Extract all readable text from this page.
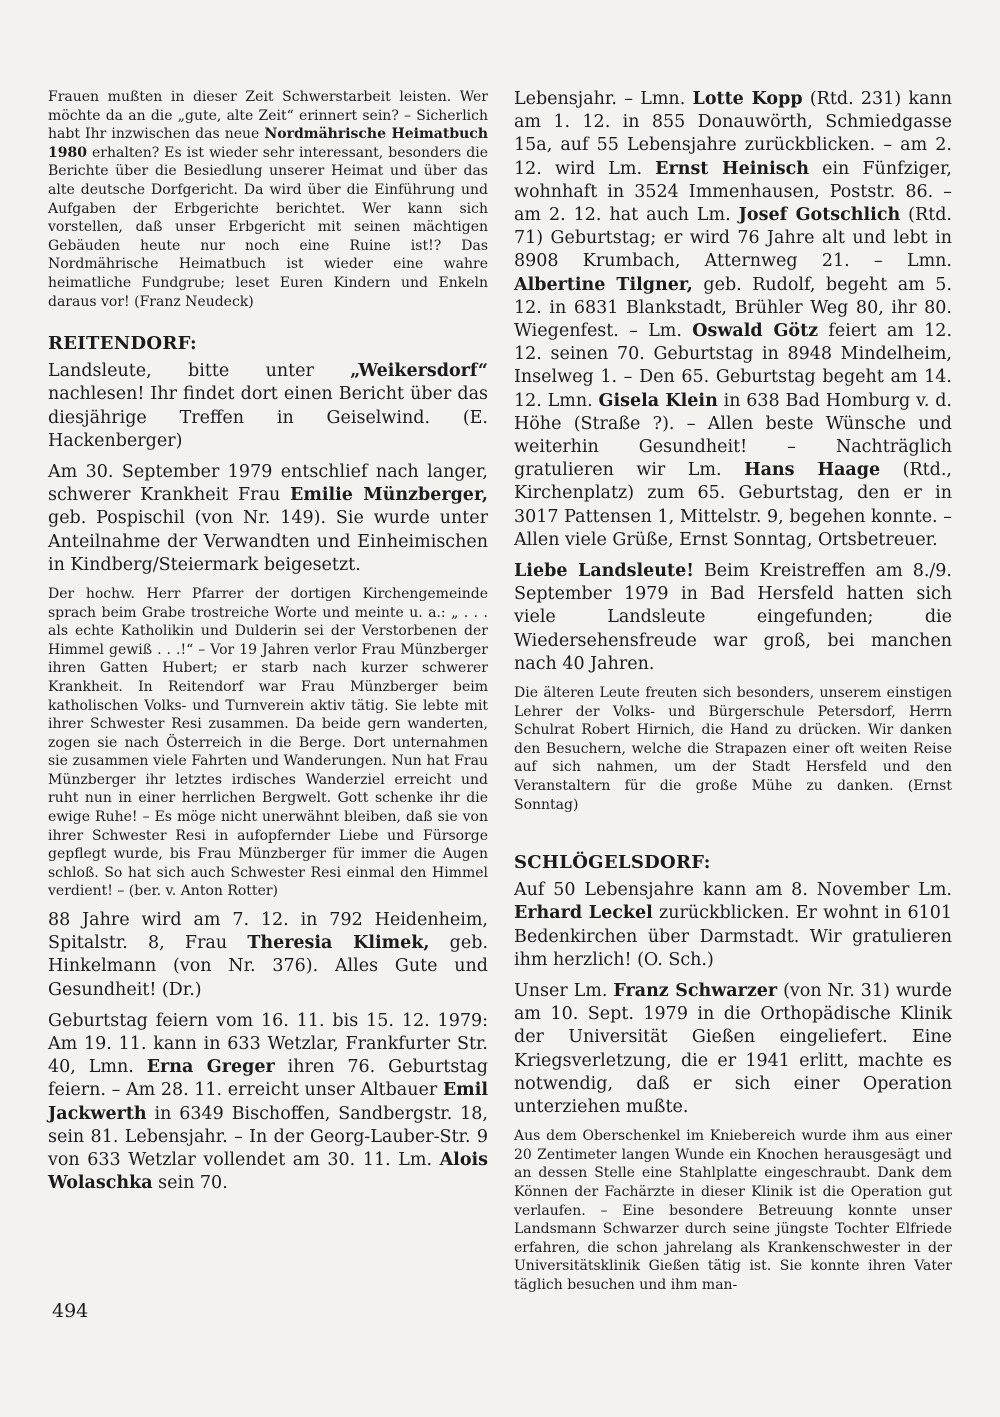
Frauen mußten in dieser Zeit Schwerstarbeit leisten. Wer möchte da an die „gute, alte Zeit“ erinnert sein? – Sicherlich habt Ihr inzwischen das neue Nordmährische Heimatbuch 1980 erhalten? Es ist wieder sehr interessant, besonders die Berichte über die Besiedlung unserer Heimat und über das alte deutsche Dorfgericht. Da wird über die Einführung und Aufgaben der Erbgerichte berichtet. Wer kann sich vorstellen, daß unser Erbgericht mit seinen mächtigen Gebäuden heute nur noch eine Ruine ist!? Das Nordmährische Heimatbuch ist wieder eine wahre heimatliche Fundgrube; leset Euren Kindern und Enkeln daraus vor! (Franz Neudeck)

REITENDORF:

Landsleute, bitte unter „Weikersdorf“ nachlesen! Ihr findet dort einen Bericht über das diesjährige Treffen in Geiselwind. (E. Hackenberger)

Am 30. September 1979 entschlief nach langer, schwerer Krankheit Frau Emilie Münzberger, geb. Pospischil (von Nr. 149). Sie wurde unter Anteilnahme der Verwandten und Einheimischen in Kindberg/Steiermark beigesetzt.

Der hochw. Herr Pfarrer der dortigen Kirchengemeinde sprach beim Grabe trostreiche Worte und meinte u. a.: „ . . . als echte Katholikin und Dulderin sei der Verstorbenen der Himmel gewiß . . .!“ – Vor 19 Jahren verlor Frau Münzberger ihren Gatten Hubert; er starb nach kurzer schwerer Krankheit. In Reitendorf war Frau Münzberger beim katholischen Volks- und Turnverein aktiv tätig. Sie lebte mit ihrer Schwester Resi zusammen. Da beide gern wanderten, zogen sie nach Österreich in die Berge. Dort unternahmen sie zusammen viele Fahrten und Wanderungen. Nun hat Frau Münzberger ihr letztes irdisches Wanderziel erreicht und ruht nun in einer herrlichen Bergwelt. Gott schenke ihr die ewige Ruhe! – Es möge nicht unerwähnt bleiben, daß sie von ihrer Schwester Resi in aufopfernder Liebe und Fürsorge gepflegt wurde, bis Frau Münzberger für immer die Augen schloß. So hat sich auch Schwester Resi einmal den Himmel verdient! – (ber. v. Anton Rotter)

88 Jahre wird am 7. 12. in 792 Heidenheim, Spitalstr. 8, Frau Theresia Klimek, geb. Hinkelmann (von Nr. 376). Alles Gute und Gesundheit! (Dr.)

Geburtstag feiern vom 16. 11. bis 15. 12. 1979: Am 19. 11. kann in 633 Wetzlar, Frankfurter Str. 40, Lmn. Erna Greger ihren 76. Geburtstag feiern. – Am 28. 11. erreicht unser Altbauer Emil Jackwerth in 6349 Bischoffen, Sandbergstr. 18, sein 81. Lebensjahr. – In der Georg-Lauber-Str. 9 von 633 Wetzlar vollendet am 30. 11. Lm. Alois Wolaschka sein 70.

Lebensjahr. – Lmn. Lotte Kopp (Rtd. 231) kann am 1. 12. in 855 Donauwörth, Schmiedgasse 15a, auf 55 Lebensjahre zurückblicken. – am 2. 12. wird Lm. Ernst Heinisch ein Fünfziger, wohnhaft in 3524 Immenhausen, Poststr. 86. – am 2. 12. hat auch Lm. Josef Gotschlich (Rtd. 71) Geburtstag; er wird 76 Jahre alt und lebt in 8908 Krumbach, Atternweg 21. – Lmn. Albertine Tilgner, geb. Rudolf, begeht am 5. 12. in 6831 Blankstadt, Brühler Weg 80, ihr 80. Wiegenfest. – Lm. Oswald Götz feiert am 12. 12. seinen 70. Geburtstag in 8948 Mindelheim, Inselweg 1. – Den 65. Geburtstag begeht am 14. 12. Lmn. Gisela Klein in 638 Bad Homburg v. d. Höhe (Straße ?). – Allen beste Wünsche und weiterhin Gesundheit! – Nachträglich gratulieren wir Lm. Hans Haage (Rtd., Kirchenplatz) zum 65. Geburtstag, den er in 3017 Pattensen 1, Mittelstr. 9, begehen konnte. – Allen viele Grüße, Ernst Sonntag, Ortsbetreuer.

Liebe Landsleute! Beim Kreistreffen am 8./9. September 1979 in Bad Hersfeld hatten sich viele Landsleute eingefunden; die Wiedersehensfreude war groß, bei manchen nach 40 Jahren.

Die älteren Leute freuten sich besonders, unserem einstigen Lehrer der Volks- und Bürgerschule Petersdorf, Herrn Schulrat Robert Hirnich, die Hand zu drücken. Wir danken den Besuchern, welche die Strapazen einer oft weiten Reise auf sich nahmen, um der Stadt Hersfeld und den Veranstaltern für die große Mühe zu danken. (Ernst Sonntag)

SCHLÖGELSDORF:

Auf 50 Lebensjahre kann am 8. November Lm. Erhard Leckel zurückblicken. Er wohnt in 6101 Bedenkirchen über Darmstadt. Wir gratulieren ihm herzlich! (O. Sch.)

Unser Lm. Franz Schwarzer (von Nr. 31) wurde am 10. Sept. 1979 in die Orthopädische Klinik der Universität Gießen eingeliefert. Eine Kriegsverletzung, die er 1941 erlitt, machte es notwendig, daß er sich einer Operation unterziehen mußte.

Aus dem Oberschenkel im Kniebereich wurde ihm aus einer 20 Zentimeter langen Wunde ein Knochen herausgesägt und an dessen Stelle eine Stahlplatte eingeschraubt. Dank dem Können der Fachärzte in dieser Klinik ist die Operation gut verlaufen. – Eine besondere Betreuung konnte unser Landsmann Schwarzer durch seine jüngste Tochter Elfriede erfahren, die schon jahrelang als Krankenschwester in der Universitätsklinik Gießen tätig ist. Sie konnte ihren Vater täglich besuchen und ihm man-

494
